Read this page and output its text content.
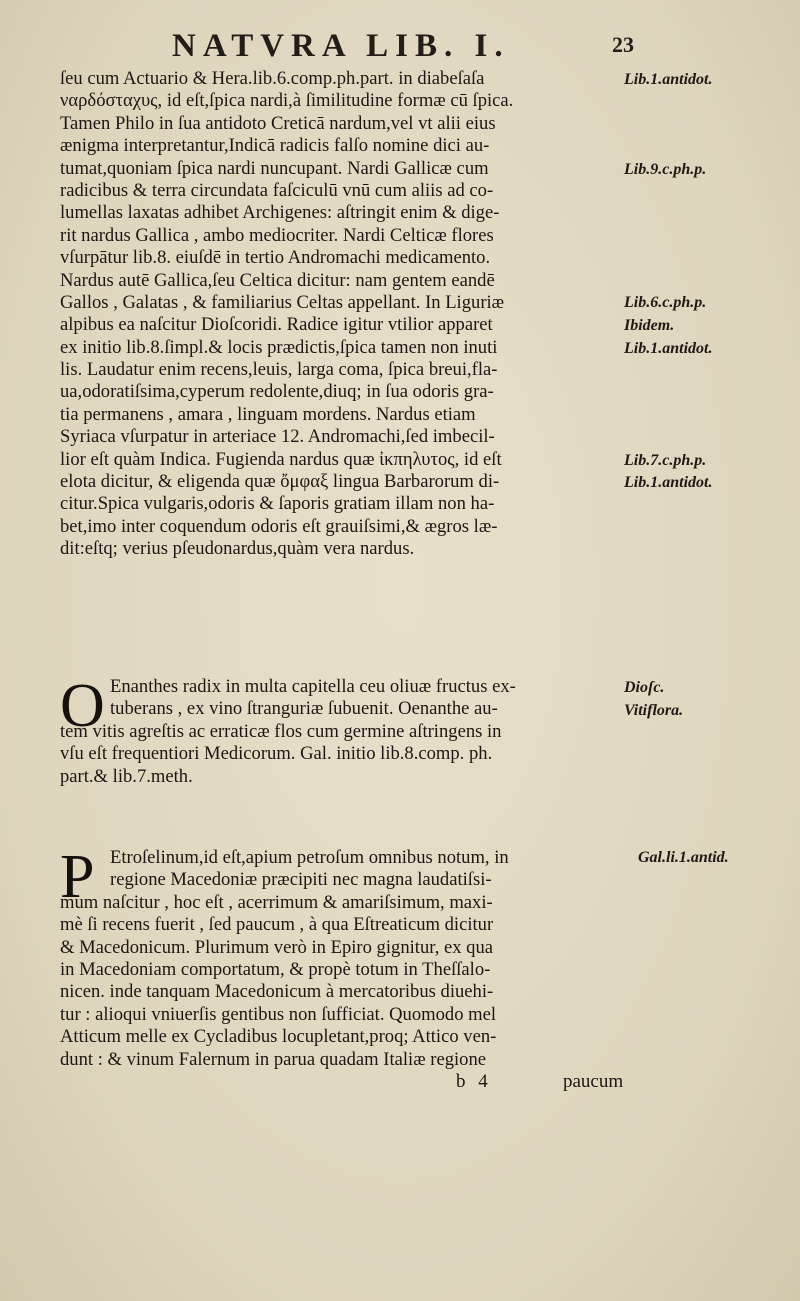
NATVRA LIB. I.	23
ſeu cum Actuario & Hera.lib.6.comp.ph.part. in diabeſaſa
ναρδόσταχυς, id eſt,ſpica nardi,à ſimilitudine formæ cū ſpica.
Tamen Philo in ſua antidoto Creticā nardum,vel vt alii eius
ænigma interpretantur,Indicā radicis falſo nomine dici au-
tumat,quoniam ſpica nardi nuncupant. Nardi Gallicæ cum
radicibus & terra circundata faſciculū vnū cum aliis ad co-
lumellas laxatas adhibet Archigenes: aſtringit enim & dige-
rit nardus Gallica , ambo mediocriter. Nardi Celticæ flores
vſurpātur lib.8. eiuſdē in tertio Andromachi medicamento.
Nardus autē Gallica,ſeu Celtica dicitur: nam gentem eandē
Gallos , Galatas , & familiarius Celtas appellant. In Liguriæ
alpibus ea naſcitur Dioſcoridi. Radice igitur vtilior apparet
ex initio lib.8.ſimpl.& locis prædictis,ſpica tamen non inuti
lis. Laudatur enim recens,leuis, larga coma, ſpica breui,fla-
ua,odoratiſsima,cyperum redolente,diuq; in ſua odoris gra-
tia permanens , amara , linguam mordens. Nardus etiam
Syriaca vſurpatur in arteriace 12. Andromachi,ſed imbecil-
lior eſt quàm Indica. Fugienda nardus quæ ἰκπηλυτος, id eſt
elota dicitur, & eligenda quæ ὄμφαξ lingua Barbarorum di-
citur.Spica vulgaris,odoris & ſaporis gratiam illam non ha-
bet,imo inter coquendum odoris eſt grauiſsimi,& ægros læ-
dit:eſtq; verius pſeudonardus,quàm vera nardus.
O Enanthes radix in multa capitella ceu oliuæ fructus ex-
tuberans , ex vino ſtranguriæ ſubuenit. Oenanthe au-
tem vitis agreſtis ac erraticæ flos cum germine aſtringens in
vſu eſt frequentiori Medicorum. Gal. initio lib.8.comp. ph.
part.& lib.7.meth.
P Etroſelinum,id eſt,apium petroſum omnibus notum, in
regione Macedoniæ præcipiti nec magna laudatiſsi-
mum naſcitur , hoc eſt , acerrimum & amariſsimum, maxi-
mè ſi recens fuerit , ſed paucum , à qua Eſtreaticum dicitur
& Macedonicum. Plurimum verò in Epiro gignitur, ex qua
in Macedoniam comportatum, & propè totum in Theſſalo-
nicen. inde tanquam Macedonicum à mercatoribus diuehi-
tur : alioqui vniuerſis gentibus non ſufficiat. Quomodo mel
Atticum melle ex Cycladibus locupletant,proq; Attico ven-
dunt : & vinum Falernum in parua quadam Italiæ regione
Lib.1.antidot.
Lib.9.c.ph.p.
Lib.6.c.ph.p.
Ibidem.
Lib.1.antidot.
Lib.7.c.ph.p.
Lib.1.antidot.
Dioſc.
Vitiflora.
Gal.li.1.antid.
b 4	paucum
